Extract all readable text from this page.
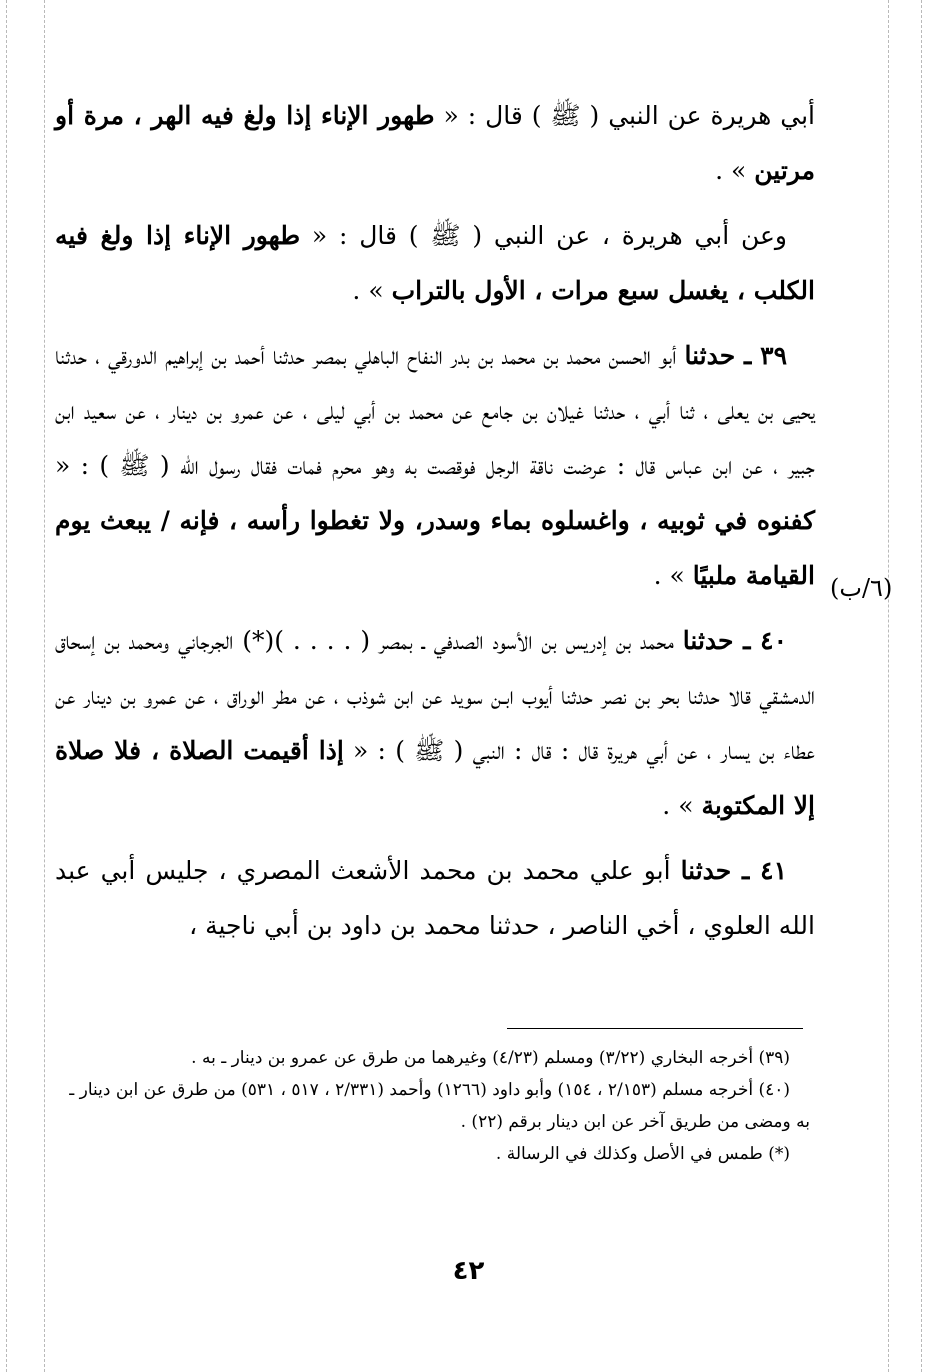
أبي هريرة عن النبي ( ﷺ ) قال : « طهور الإناء إذا ولغ فيه الهر ، مرة أو مرتين » .

وعن أبي هريرة ، عن النبي ( ﷺ ) قال : « طهور الإناء إذا ولغ فيه الكلب ، يغسل سبع مرات ، الأول بالتراب » .

٣٩ ـ حدثنا أبو الحسن محمد بن محمد بن بدر النفاح الباهلي بمصر حدثنا أحمد بن إبراهيم الدورقي ، حدثنا يحيى بن يعلى ، ثنا أبي ، حدثنا غيلان بن جامع عن محمد بن أبي ليلى ، عن عمرو بن دينار ، عن سعيد ابن جبير ، عن ابن عباس قال : عرضت ناقة الرجل فوقصت به وهو محرم فمات فقال رسول الله ( ﷺ ) : « كفنوه في ثوبيه ، واغسلوه بماء وسدر، ولا تغطوا رأسه ، فإنه / يبعث يوم القيامة ملبيًا » .

٤٠ ـ حدثنا محمد بن إدريس بن الأسود الصدفي ـ بمصر ( . . . . )(*) الجرجاني ومحمد بن إسحاق الدمشقي قالا حدثنا بحر بن نصر حدثنا أيوب ابـن سويد عن ابن شوذب ، عن مطر الوراق ، عن عمرو بن دينار عن عطاء بن يسار ، عن أبي هريرة قال : قال : النبي ( ﷺ ) : « إذا أقيمت الصلاة ، فلا صلاة إلا المكتوبة » .

٤١ ـ حدثنا أبو علي محمد بن محمد الأشعث المصري ، جليس أبي عبد الله العلوي ، أخي الناصر ، حدثنا محمد بن داود بن أبي ناجية ،

(٦/ب)

(٣٩) أخرجه البخاري (٣/٢٢) ومسلم (٤/٢٣) وغيرهما من طرق عن عمرو بن دينار ـ به .

(٤٠) أخرجه مسلم (٢/١٥٣ ، ١٥٤) وأبو داود (١٢٦٦) وأحمد (٢/٣٣١ ، ٥١٧ ، ٥٣١) من طرق عن ابن دينار ـ به ومضى من طريق آخر عن ابن دينار برقم (٢٢) .

(*) طمس في الأصل وكذلك في الرسالة .

٤٢
